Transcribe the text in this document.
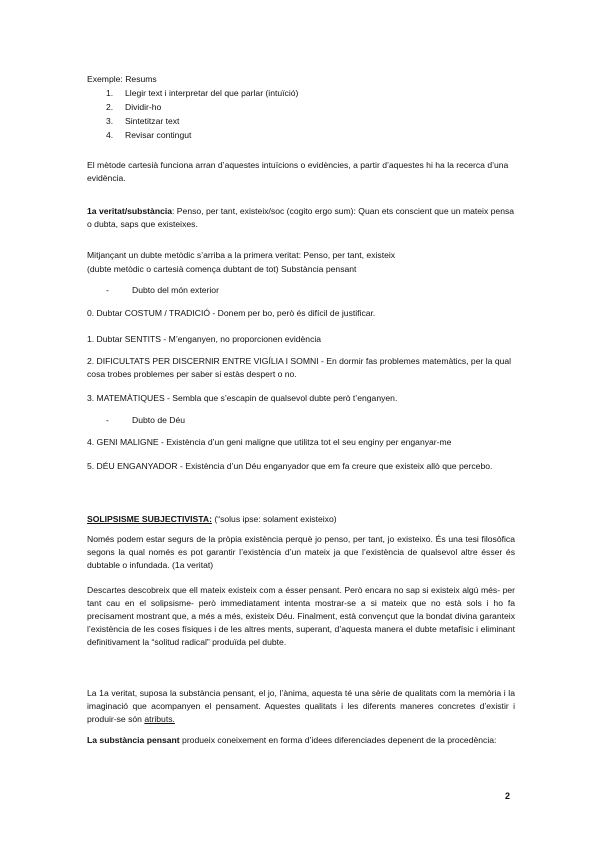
Exemple: Resums

1. Llegir text i interpretar del que parlar (intuïció)

2. Dividir-ho

3. Sintetitzar text

4. Revisar contingut

El mètode cartesià funciona arran d’aquestes intuïcions o evidències, a partir d’aquestes hi ha la recerca d’una evidència.

1a veritat/substància: Penso, per tant, existeix/soc (cogito ergo sum): Quan ets conscient que un mateix pensa o dubta, saps que existeixes.

Mitjançant un dubte metòdic s’arriba a la primera veritat: Penso, per tant, existeix

(dubte metòdic o cartesià comença dubtant de tot) Substància pensant

-	Dubto del món exterior

0. Dubtar COSTUM / TRADICIÓ - Donem per bo, però és difícil de justificar.

1. Dubtar SENTITS - M’enganyen, no proporcionen evidència

2. DIFICULTATS PER DISCERNIR ENTRE VIGÍLIA I SOMNI - En dormir fas problemes matemàtics, per la qual cosa trobes problemes per saber si estàs despert o no.

3. MATEMÀTIQUES - Sembla que s’escapin de qualsevol dubte però t’enganyen.

-	Dubto de Déu

4. GENI MALIGNE - Existència d’un geni maligne que utilitza tot el seu enginy per enganyar-me

5. DÉU ENGANYADOR - Existència d’un Déu enganyador que em fa creure que existeix allò que percebo.

SOLIPSISME SUBJECTIVISTA: (“solus ipse: solament existeixo)

Només podem estar segurs de la pròpia existència perquè jo penso, per tant, jo existeixo. És una tesi filosòfica segons la qual només es pot garantir l’existència d’un mateix ja que l’existència de qualsevol altre ésser és dubtable o infundada. (1a veritat)

Descartes descobreix que ell mateix existeix com a ésser pensant. Però encara no sap si existeix algú més- per tant cau en el solipsisme- però immediatament intenta mostrar-se a si mateix que no està sols i ho fa precisament mostrant que, a més a més, existeix Déu. Finalment, està convençut que la bondat divina garanteix l’existència de les coses físiques i de les altres ments, superant, d’aquesta manera el dubte metafísic i eliminant definitivament la “solitud radical” produïda pel dubte.

La 1a veritat, suposa la substància pensant, el jo, l’ànima, aquesta té una sèrie de qualitats com la memòria i la imaginació que acompanyen el pensament. Aquestes qualitats i les diferents maneres concretes d’existir i produir-se són atributs.

La substància pensant produeix coneixement en forma d’idees diferenciades depenent de la procedència:

2
